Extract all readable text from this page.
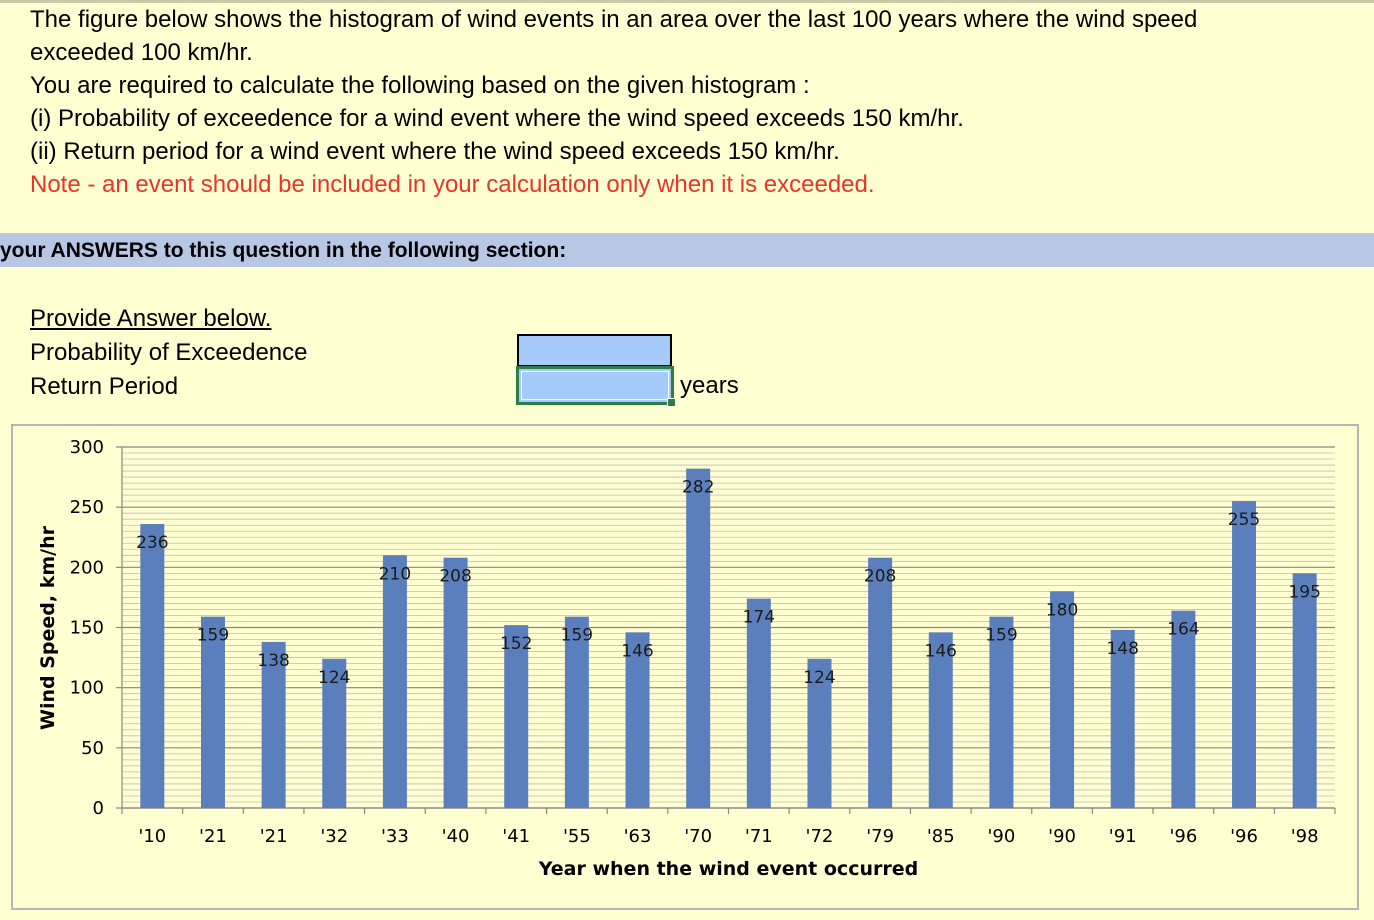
The figure below shows the histogram of wind events in an area over the last 100 years where the wind speed
exceeded 100 km/hr.
You are required to calculate the following based on the given histogram :
(i) Probability of exceedence for a wind event where the wind speed exceeds 150 km/hr.
(ii) Return period for a wind event where the wind speed exceeds 150 km/hr.
Note - an event should be included in your calculation only when it is exceeded.
your ANSWERS to this question in the following section:
Provide Answer below.
Probability of Exceedence
Return Period	years
0
50
100
150
200
250
300
236
'10
159
'21
138
'21
124
'32
210
'33
208
'40
152
'41
159
'55
146
'63
282
'70
174
'71
124
'72
208
'79
146
'85
159
'90
180
'90
148
'91
164
'96
255
'96
195
'98
Year when the wind event occurred
Wind Speed, km/hr
